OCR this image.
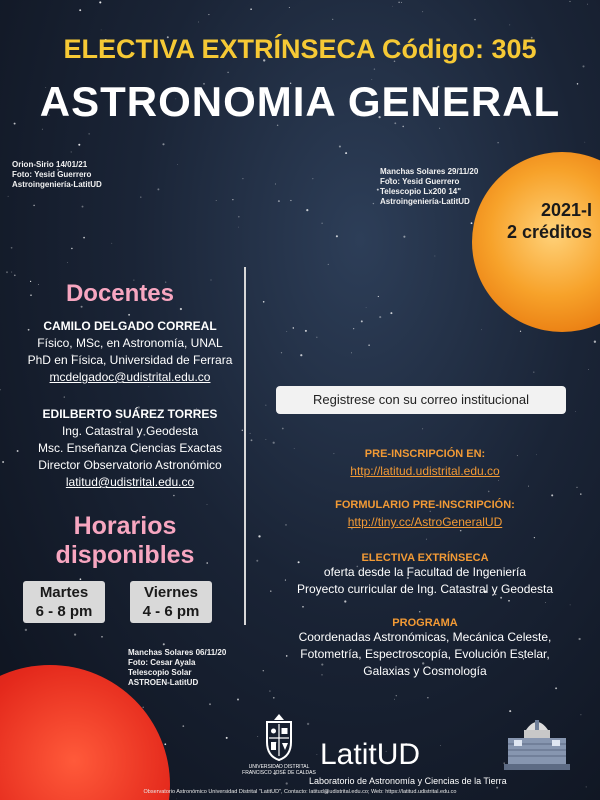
ELECTIVA EXTRÍNSECA Código: 305
ASTRONOMIA GENERAL
Orion-Sirio 14/01/21
Foto: Yesid Guerrero
Astroingeniería-LatitUD
Manchas Solares 29/11/20
Foto: Yesid Guerrero
Telescopio Lx200 14"
Astroingeniería-LatitUD	2021-I
2 créditos
Docentes
CAMILO DELGADO CORREAL
Físico, MSc, en Astronomía, UNAL
PhD en Física, Universidad de Ferrara
mcdelgadoc@udistrital.edu.co
EDILBERTO SUÁREZ TORRES
Ing. Catastral y Geodesta
Msc. Enseñanza Ciencias Exactas
Director Observatorio Astronómico
latitud@udistrital.edu.co
Horarios
disponibles
Martes
6 - 8 pm
Viernes
4 - 6 pm
Manchas Solares 06/11/20
Foto: Cesar Ayala
Telescopio Solar
ASTROEN-LatitUD
Registrese con su correo institucional
PRE-INSCRIPCIÓN EN:
http://latitud.udistrital.edu.co
FORMULARIO PRE-INSCRIPCIÓN:
http://tiny.cc/AstroGeneralUD
ELECTIVA EXTRÍNSECA
oferta desde la Facultad de Ingeniería
Proyecto curricular de Ing. Catastral y Geodesta
PROGRAMA
Coordenadas Astronómicas, Mecánica Celeste,
Fotometría, Espectroscopía, Evolución Estelar,
Galaxias y Cosmología
UNIVERSIDAD DISTRITAL
FRANCISCO JOSÉ DE CALDAS
LatitUD
Laboratorio de Astronomía y Ciencias de la Tierra
Observatorio Astronómico Universidad Distrital "LatitUD", Contacto: latitud@udistrital.edu.co; Web: https://latitud.udistrital.edu.co
